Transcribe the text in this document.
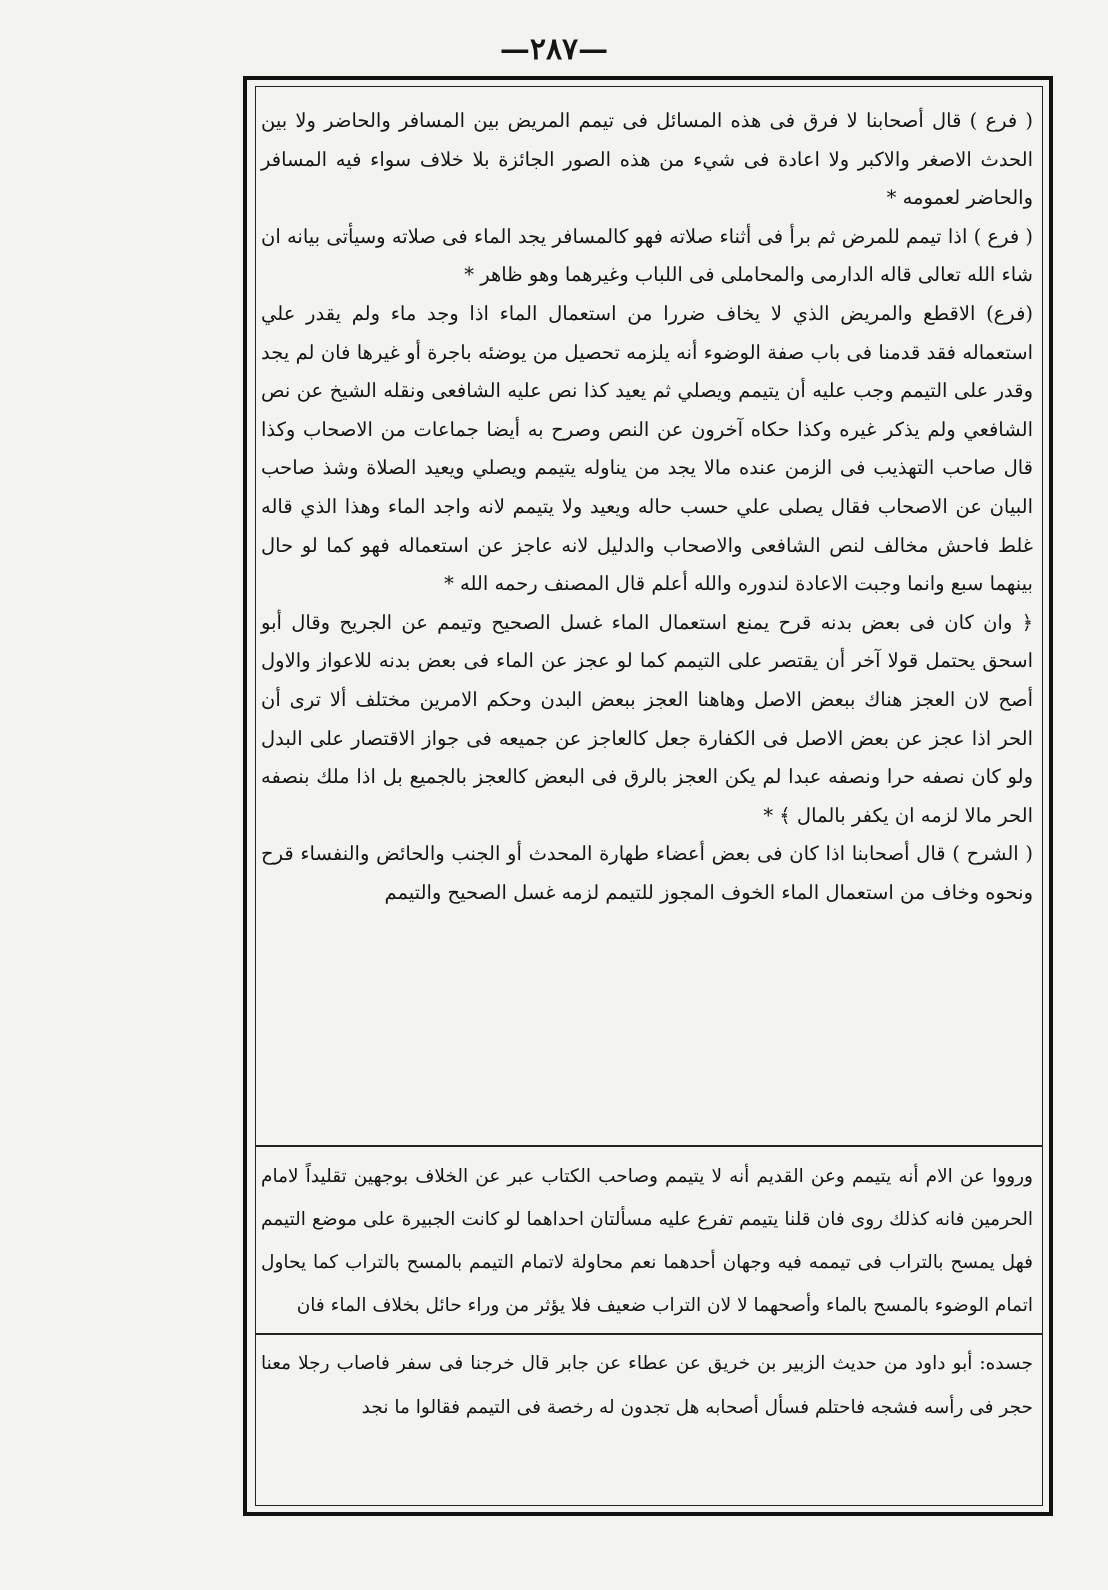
—٢٨٧—

( فرع ) قال أصحابنا لا فرق فى هذه المسائل فى تيمم المريض بين المسافر والحاضر ولا بين الحدث الاصغر والاكبر ولا اعادة فى شيء من هذه الصور الجائزة بلا خلاف سواء فيه المسافر والحاضر لعمومه *

( فرع ) اذا تيمم للمرض ثم برأ فى أثناء صلاته فهو كالمسافر يجد الماء فى صلاته وسيأتى بيانه ان شاء الله تعالى قاله الدارمى والمحاملى فى اللباب وغيرهما وهو ظاهر *

(فرع) الاقطع والمريض الذي لا يخاف ضررا من استعمال الماء اذا وجد ماء ولم يقدر علي استعماله فقد قدمنا فى باب صفة الوضوء أنه يلزمه تحصيل من يوضئه باجرة أو غيرها فان لم يجد وقدر على التيمم وجب عليه أن يتيمم ويصلي ثم يعيد كذا نص عليه الشافعى ونقله الشيخ عن نص الشافعي ولم يذكر غيره وكذا حكاه آخرون عن النص وصرح به أيضا جماعات من الاصحاب وكذا قال صاحب التهذيب فى الزمن عنده مالا يجد من يناوله يتيمم ويصلي ويعيد الصلاة وشذ صاحب البيان عن الاصحاب فقال يصلى علي حسب حاله ويعيد ولا يتيمم لانه واجد الماء وهذا الذي قاله غلط فاحش مخالف لنص الشافعى والاصحاب والدليل لانه عاجز عن استعماله فهو كما لو حال بينهما سبع وانما وجبت الاعادة لندوره والله أعلم قال المصنف رحمه الله *

﴿ وان كان فى بعض بدنه قرح يمنع استعمال الماء غسل الصحيح وتيمم عن الجريح وقال أبو اسحق يحتمل قولا آخر أن يقتصر على التيمم كما لو عجز عن الماء فى بعض بدنه للاعواز والاول أصح لان العجز هناك ببعض الاصل وهاهنا العجز ببعض البدن وحكم الامرين مختلف ألا ترى أن الحر اذا عجز عن بعض الاصل فى الكفارة جعل كالعاجز عن جميعه فى جواز الاقتصار على البدل ولو كان نصفه حرا ونصفه عبدا لم يكن العجز بالرق فى البعض كالعجز بالجميع بل اذا ملك بنصفه الحر مالا لزمه ان يكفر بالمال ﴾ *

( الشرح ) قال أصحابنا اذا كان فى بعض أعضاء طهارة المحدث أو الجنب والحائض والنفساء قرح ونحوه وخاف من استعمال الماء الخوف المجوز للتيمم لزمه غسل الصحيح والتيمم

ورووا عن الام أنه يتيمم وعن القديم أنه لا يتيمم وصاحب الكتاب عبر عن الخلاف بوجهين تقليداً لامام الحرمين فانه كذلك روى فان قلنا يتيمم تفرع عليه مسألتان احداهما لو كانت الجبيرة على موضع التيمم فهل يمسح بالتراب فى تيممه فيه وجهان أحدهما نعم محاولة لاتمام التيمم بالمسح بالتراب كما يحاول اتمام الوضوء بالمسح بالماء وأصحهما لا لان التراب ضعيف فلا يؤثر من وراء حائل بخلاف الماء فان

جسده: أبو داود من حديث الزبير بن خريق عن عطاء عن جابر قال خرجنا فى سفر فاصاب رجلا معنا حجر فى رأسه فشجه فاحتلم فسأل أصحابه هل تجدون له رخصة فى التيمم فقالوا ما نجد
